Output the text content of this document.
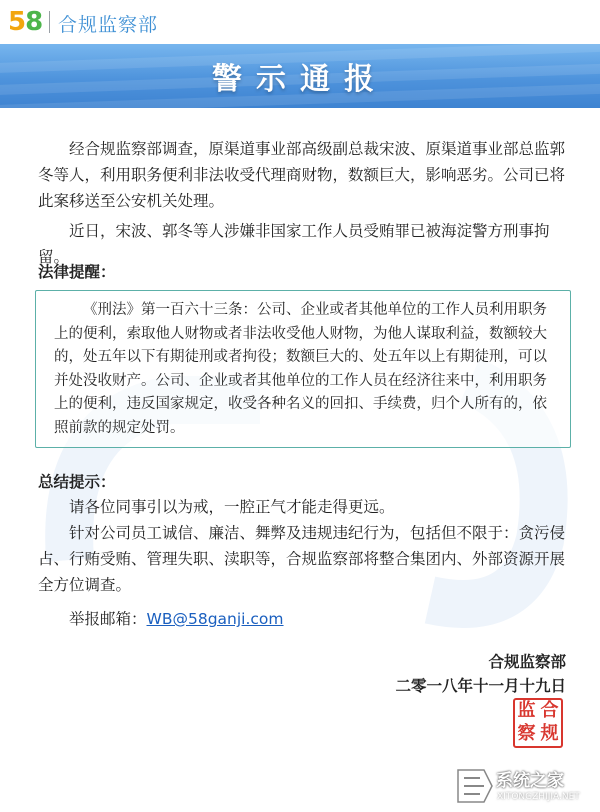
58 合规监察部
警示通报

经合规监察部调查，原渠道事业部高级副总裁宋波、原渠道事业部总监郭冬等人，利用职务便利非法收受代理商财物，数额巨大，影响恶劣。公司已将此案移送至公安机关处理。

近日，宋波、郭冬等人涉嫌非国家工作人员受贿罪已被海淀警方刑事拘留。

法律提醒：

《刑法》第一百六十三条：公司、企业或者其他单位的工作人员利用职务上的便利，索取他人财物或者非法收受他人财物，为他人谋取利益，数额较大的，处五年以下有期徒刑或者拘役；数额巨大的、处五年以上有期徒刑，可以并处没收财产。公司、企业或者其他单位的工作人员在经济往来中，利用职务上的便利，违反国家规定，收受各种名义的回扣、手续费，归个人所有的，依照前款的规定处罚。

总结提示：

请各位同事引以为戒，一腔正气才能走得更远。

针对公司员工诚信、廉洁、舞弊及违规违纪行为，包括但不限于：贪污侵占、行贿受贿、管理失职、渎职等，合规监察部将整合集团内、外部资源开展全方位调查。

举报邮箱：WB@58ganji.com

合规监察部
二零一八年十一月十九日
监 合
察 规
系统之家
XITONGZHIJIA.NET
